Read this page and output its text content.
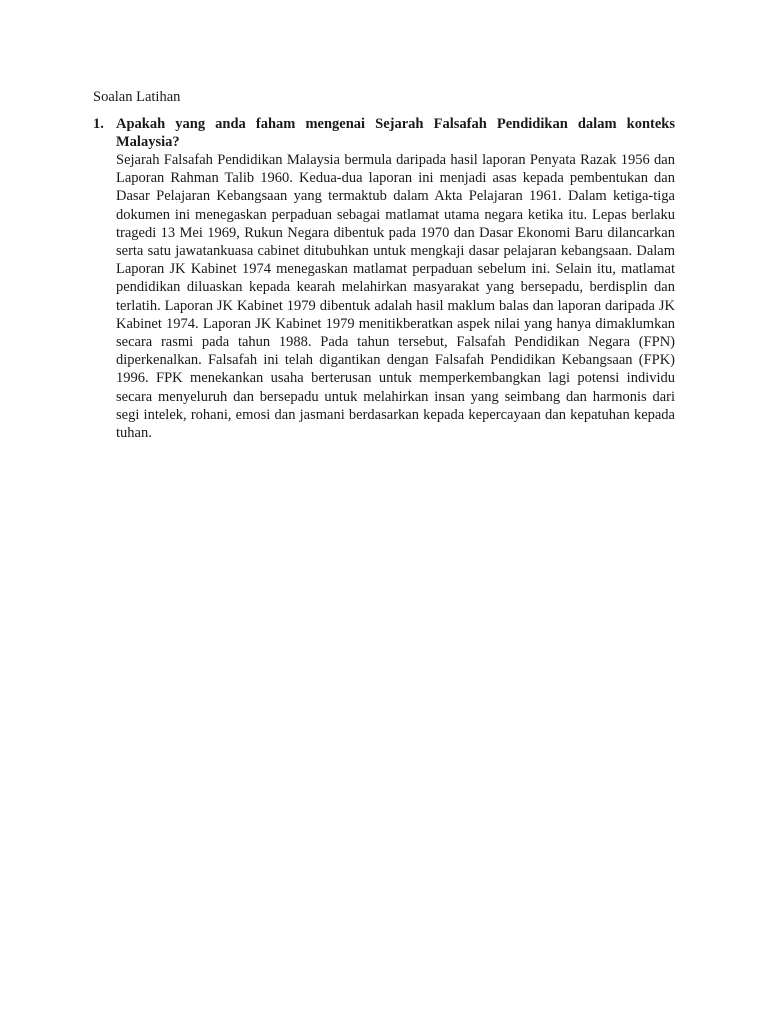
Soalan Latihan
1. Apakah yang anda faham mengenai Sejarah Falsafah Pendidikan dalam konteks Malaysia?

Sejarah Falsafah Pendidikan Malaysia bermula daripada hasil laporan Penyata Razak 1956 dan Laporan Rahman Talib 1960. Kedua-dua laporan ini menjadi asas kepada pembentukan dan Dasar Pelajaran Kebangsaan yang termaktub dalam Akta Pelajaran 1961. Dalam ketiga-tiga dokumen ini menegaskan perpaduan sebagai matlamat utama negara ketika itu. Lepas berlaku tragedi 13 Mei 1969, Rukun Negara dibentuk pada 1970 dan Dasar Ekonomi Baru dilancarkan serta satu jawatankuasa cabinet ditubuhkan untuk mengkaji dasar pelajaran kebangsaan. Dalam Laporan JK Kabinet 1974 menegaskan matlamat perpaduan sebelum ini. Selain itu, matlamat pendidikan diluaskan kepada kearah melahirkan masyarakat yang bersepadu, berdisplin dan terlatih. Laporan JK Kabinet 1979 dibentuk adalah hasil maklum balas dan laporan daripada JK Kabinet 1974. Laporan JK Kabinet 1979 menitikberatkan aspek nilai yang hanya dimaklumkan secara rasmi pada tahun 1988. Pada tahun tersebut, Falsafah Pendidikan Negara (FPN) diperkenalkan. Falsafah ini telah digantikan dengan Falsafah Pendidikan Kebangsaan (FPK) 1996. FPK menekankan usaha berterusan untuk memperkembangkan lagi potensi individu secara menyeluruh dan bersepadu untuk melahirkan insan yang seimbang dan harmonis dari segi intelek, rohani, emosi dan jasmani berdasarkan kepada kepercayaan dan kepatuhan kepada tuhan.
